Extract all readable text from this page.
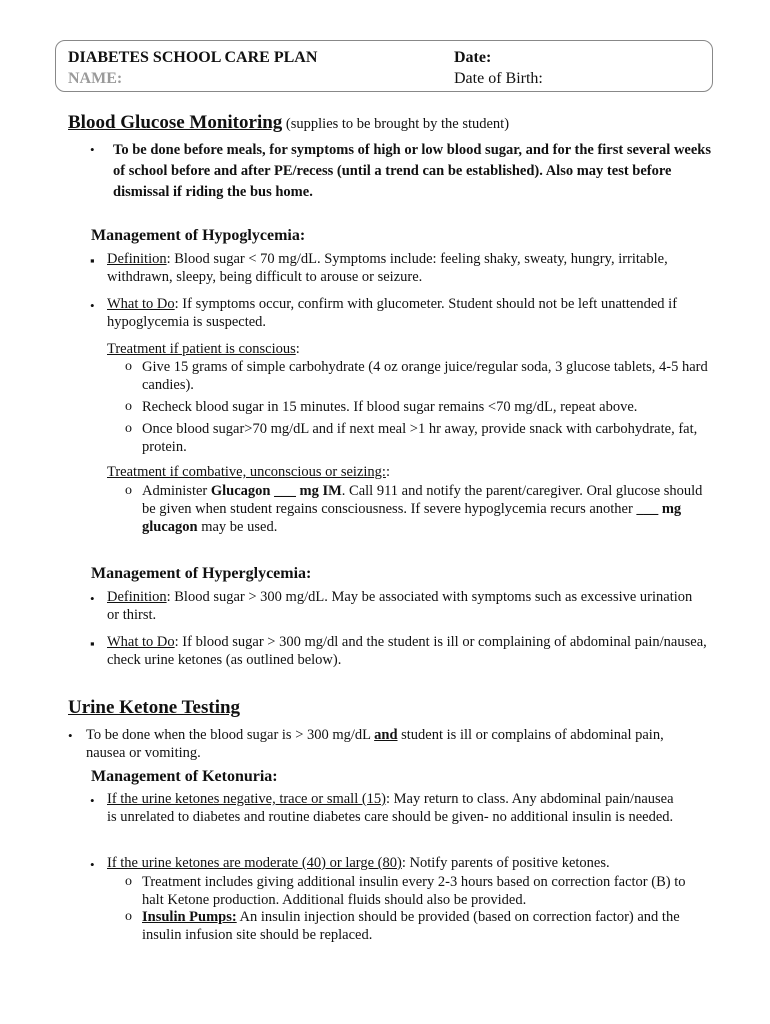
DIABETES SCHOOL CARE PLAN
NAME:
Date:
Date of Birth:
Blood Glucose Monitoring (supplies to be brought by the student)
• To be done before meals, for symptoms of high or low blood sugar, and for the first several weeks of school before and after PE/recess (until a trend can be established). Also may test before dismissal if riding the bus home.
Management of Hypoglycemia:
▪ Definition: Blood sugar < 70 mg/dL. Symptoms include: feeling shaky, sweaty, hungry, irritable, withdrawn, sleepy, being difficult to arouse or seizure.
• What to Do: If symptoms occur, confirm with glucometer. Student should not be left unattended if hypoglycemia is suspected.
Treatment if patient is conscious:
o Give 15 grams of simple carbohydrate (4 oz orange juice/regular soda, 3 glucose tablets, 4-5 hard candies).
o Recheck blood sugar in 15 minutes. If blood sugar remains <70 mg/dL, repeat above.
o Once blood sugar>70 mg/dL and if next meal >1 hr away, provide snack with carbohydrate, fat, protein.
Treatment if combative, unconscious or seizing::
o Administer Glucagon ___ mg IM. Call 911 and notify the parent/caregiver. Oral glucose should be given when student regains consciousness. If severe hypoglycemia recurs another ___ mg glucagon may be used.
Management of Hyperglycemia:
• Definition: Blood sugar > 300 mg/dL. May be associated with symptoms such as excessive urination or thirst.
▪ What to Do: If blood sugar > 300 mg/dl and the student is ill or complaining of abdominal pain/nausea, check urine ketones (as outlined below).
Urine Ketone Testing
• To be done when the blood sugar is > 300 mg/dL and student is ill or complains of abdominal pain, nausea or vomiting.
Management of Ketonuria:
• If the urine ketones negative, trace or small (15): May return to class. Any abdominal pain/nausea is unrelated to diabetes and routine diabetes care should be given- no additional insulin is needed.
• If the urine ketones are moderate (40) or large (80): Notify parents of positive ketones.
o Treatment includes giving additional insulin every 2-3 hours based on correction factor (B) to halt Ketone production. Additional fluids should also be provided.
o Insulin Pumps: An insulin injection should be provided (based on correction factor) and the insulin infusion site should be replaced.
